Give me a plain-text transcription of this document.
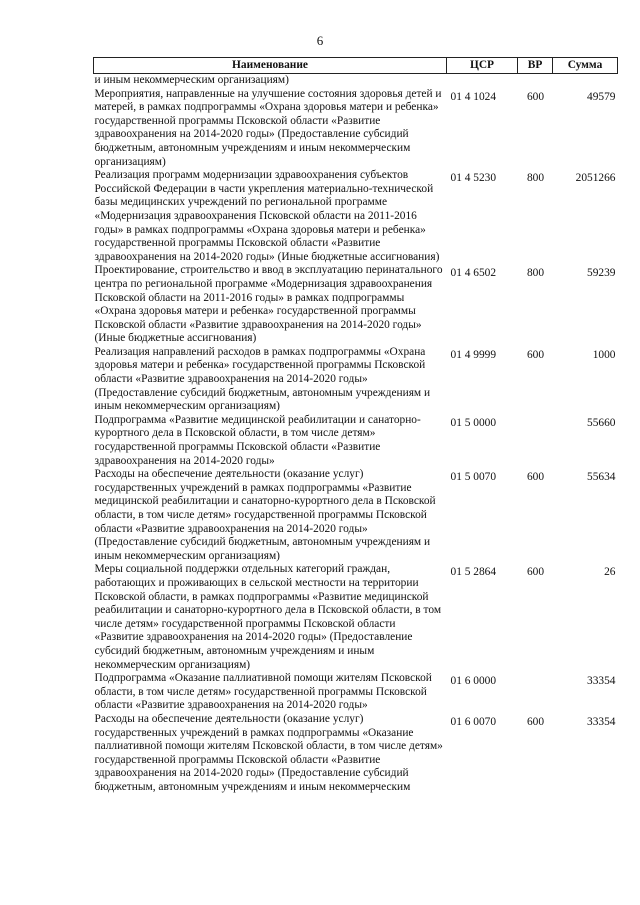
6
Наименование	ЦСР	ВР	Сумма
и иным некоммерческим организациям)			
Мероприятия, направленные на улучшение состояния здоровья детей и матерей, в рамках подпрограммы «Охрана здоровья матери и ребенка» государственной программы Псковской области «Развитие здравоохранения на 2014-2020 годы» (Предоставление субсидий бюджетным, автономным учреждениям и иным некоммерческим организациям)	01 4 1024	600	49579
Реализация программ модернизации здравоохранения субъектов Российской Федерации в части укрепления материально-технической базы медицинских учреждений по региональной программе «Модернизация здравоохранения Псковской области на 2011-2016 годы» в рамках подпрограммы «Охрана здоровья матери и ребенка» государственной программы Псковской области «Развитие здравоохранения на 2014-2020 годы» (Иные бюджетные ассигнования)	01 4 5230	800	2051266
Проектирование, строительство и ввод в эксплуатацию перинатального центра по региональной программе «Модернизация здравоохранения Псковской области на 2011-2016 годы» в рамках подпрограммы «Охрана здоровья матери и ребенка» государственной программы Псковской области «Развитие здравоохранения на 2014-2020 годы» (Иные бюджетные ассигнования)	01 4 6502	800	59239
Реализация направлений расходов в рамках подпрограммы «Охрана здоровья матери и ребенка» государственной программы Псковской области «Развитие здравоохранения на 2014-2020 годы» (Предоставление субсидий бюджетным, автономным учреждениям и иным некоммерческим организациям)	01 4 9999	600	1000
Подпрограмма «Развитие медицинской реабилитации и санаторно-курортного дела в Псковской области, в том числе детям» государственной программы Псковской области «Развитие здравоохранения на 2014-2020 годы»	01 5 0000		55660
Расходы на обеспечение деятельности (оказание услуг) государственных учреждений в рамках подпрограммы «Развитие медицинской реабилитации и санаторно-курортного дела в Псковской области, в том числе детям» государственной программы Псковской области «Развитие здравоохранения на 2014-2020 годы» (Предоставление субсидий бюджетным, автономным учреждениям и иным некоммерческим организациям)	01 5 0070	600	55634
Меры социальной поддержки отдельных категорий граждан, работающих и проживающих в сельской местности на территории Псковской области, в рамках подпрограммы «Развитие медицинской реабилитации и санаторно-курортного дела в Псковской области, в том числе детям» государственной программы Псковской области «Развитие здравоохранения на 2014-2020 годы» (Предоставление субсидий бюджетным, автономным учреждениям и иным некоммерческим организациям)	01 5 2864	600	26
Подпрограмма «Оказание паллиативной помощи жителям Псковской области, в том числе детям» государственной программы Псковской области «Развитие здравоохранения на 2014-2020 годы»	01 6 0000		33354
Расходы на обеспечение деятельности (оказание услуг) государственных учреждений в рамках подпрограммы «Оказание паллиативной помощи жителям Псковской области, в том числе детям» государственной программы Псковской области «Развитие здравоохранения на 2014-2020 годы» (Предоставление субсидий бюджетным, автономным учреждениям и иным некоммерческим	01 6 0070	600	33354
